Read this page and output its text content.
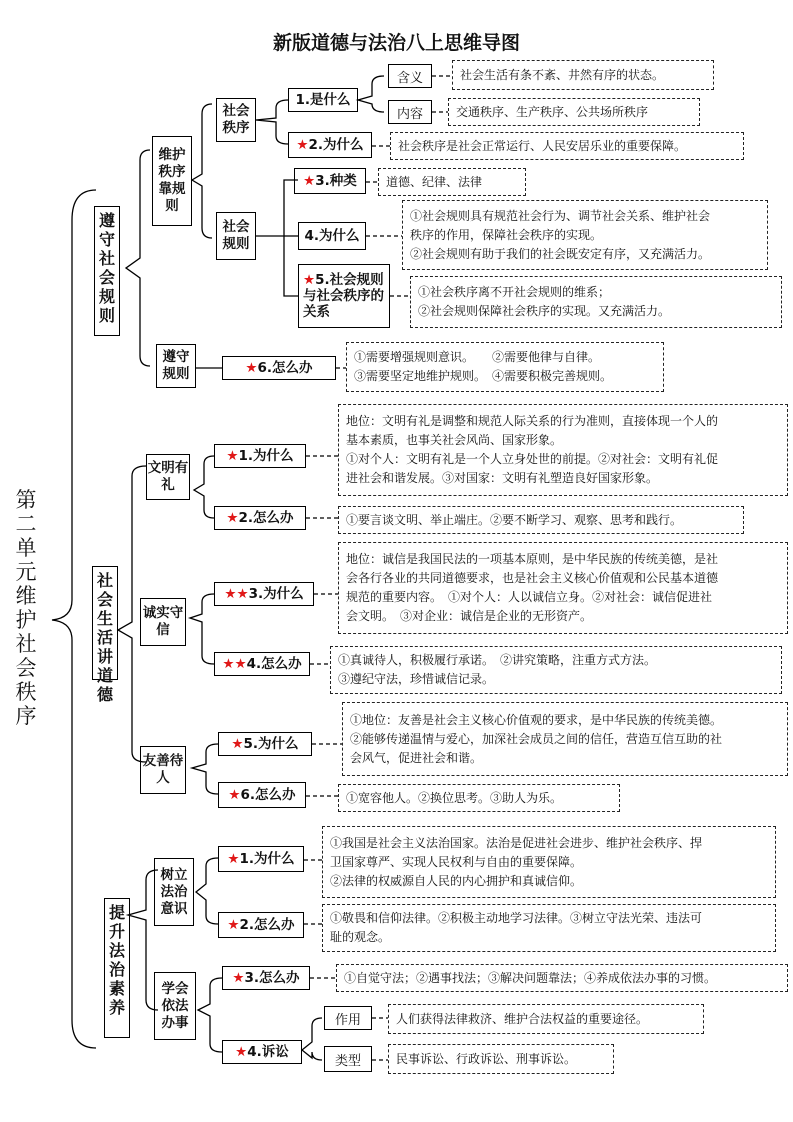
新版道德与法治八上思维导图
第二单元 维护社会秩序
遵守社会规则
社会生活讲道德
提升法治素养
维护秩序靠规则
遵守规则
文明有礼
诚实守信
友善待人
树立法治意识
学会依法办事
社会秩序
社会规则
1.是什么
★ 2.为什么
★ 3.种类
4.为什么
★5.社会规则与社会秩序的关系
★ 6.怎么办
★ 1.为什么
★ 2.怎么办
★★ 3.为什么
★★ 4.怎么办
★ 5.为什么
★ 6.怎么办
★ 1.为什么
★ 2.怎么办
★ 3.怎么办
★ 4.诉讼
含义
内容
作用
类型
社会生活有条不紊、井然有序的状态。
交通秩序、生产秩序、公共场所秩序
社会秩序是社会正常运行、人民安居乐业的重要保障。
道德、纪律、法律
①社会规则具有规范社会行为、调节社会关系、维护社会
秩序的作用，保障社会秩序的实现。
②社会规则有助于我们的社会既安定有序，又充满活力。
①社会秩序离不开社会规则的维系；
②社会规则保障社会秩序的实现。又充满活力。
①需要增强规则意识。　　②需要他律与自律。
③需要坚定地维护规则。　④需要积极完善规则。
地位：文明有礼是调整和规范人际关系的行为准则，直接体现一个人的
基本素质，也事关社会风尚、国家形象。
①对个人：文明有礼是一个人立身处世的前提。②对社会：文明有礼促
进社会和谐发展。③对国家：文明有礼塑造良好国家形象。
①要言谈文明、举止端庄。②要不断学习、观察、思考和践行。
地位：诚信是我国民法的一项基本原则，是中华民族的传统美德，是社
会各行各业的共同道德要求，也是社会主义核心价值观和公民基本道德
规范的重要内容。　①对个人：人以诚信立身。②对社会：诚信促进社
会文明。　③对企业：诚信是企业的无形资产。
①真诚待人，积极履行承诺。　②讲究策略，注重方式方法。
③遵纪守法，珍惜诚信记录。
①地位：友善是社会主义核心价值观的要求，是中华民族的传统美德。
②能够传递温情与爱心，加深社会成员之间的信任，营造互信互助的社
会风气，促进社会和谐。
①宽容他人。②换位思考。③助人为乐。
①我国是社会主义法治国家。法治是促进社会进步、维护社会秩序、捍
卫国家尊严、实现人民权利与自由的重要保障。
②法律的权威源自人民的内心拥护和真诚信仰。
①敬畏和信仰法律。②积极主动地学习法律。③树立守法光荣、违法可
耻的观念。
①自觉守法；②遇事找法；③解决问题靠法；④养成依法办事的习惯。
人们获得法律救济、维护合法权益的重要途径。
民事诉讼、行政诉讼、刑事诉讼。
